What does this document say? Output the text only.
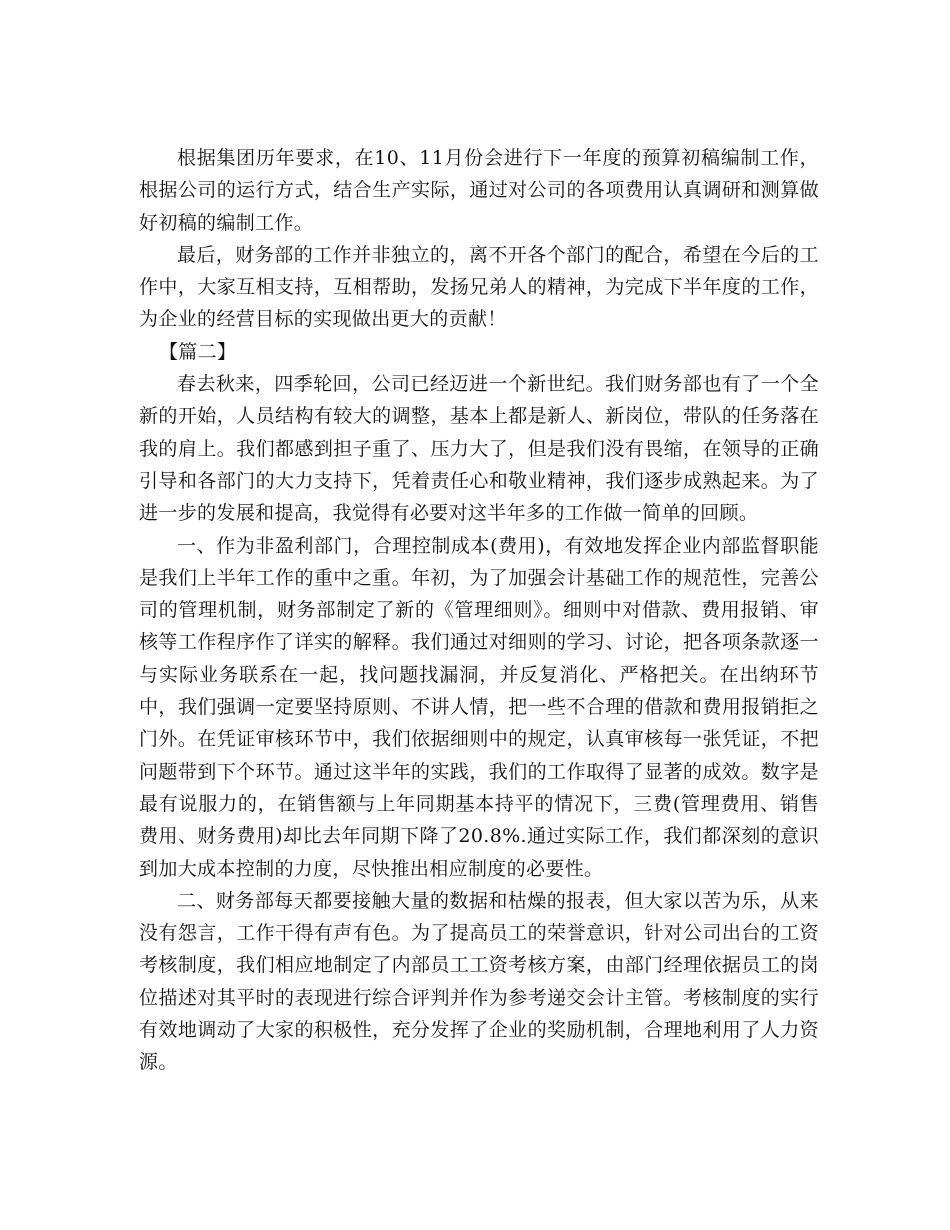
根据集团历年要求，在10、11月份会进行下一年度的预算初稿编制工作，根据公司的运行方式，结合生产实际，通过对公司的各项费用认真调研和测算做好初稿的编制工作。

最后，财务部的工作并非独立的，离不开各个部门的配合，希望在今后的工作中，大家互相支持，互相帮助，发扬兄弟人的精神，为完成下半年度的工作，为企业的经营目标的实现做出更大的贡献！

【篇二】

春去秋来，四季轮回，公司已经迈进一个新世纪。我们财务部也有了一个全新的开始，人员结构有较大的调整，基本上都是新人、新岗位，带队的任务落在我的肩上。我们都感到担子重了、压力大了，但是我们没有畏缩，在领导的正确引导和各部门的大力支持下，凭着责任心和敬业精神，我们逐步成熟起来。为了进一步的发展和提高，我觉得有必要对这半年多的工作做一简单的回顾。

一、作为非盈利部门，合理控制成本(费用)，有效地发挥企业内部监督职能是我们上半年工作的重中之重。年初，为了加强会计基础工作的规范性，完善公司的管理机制，财务部制定了新的《管理细则》。细则中对借款、费用报销、审核等工作程序作了详实的解释。我们通过对细则的学习、讨论，把各项条款逐一与实际业务联系在一起，找问题找漏洞，并反复消化、严格把关。在出纳环节中，我们强调一定要坚持原则、不讲人情，把一些不合理的借款和费用报销拒之门外。在凭证审核环节中，我们依据细则中的规定，认真审核每一张凭证，不把问题带到下个环节。通过这半年的实践，我们的工作取得了显著的成效。数字是最有说服力的，在销售额与上年同期基本持平的情况下，三费(管理费用、销售费用、财务费用)却比去年同期下降了20.8%.通过实际工作，我们都深刻的意识到加大成本控制的力度，尽快推出相应制度的必要性。

二、财务部每天都要接触大量的数据和枯燥的报表，但大家以苦为乐，从来没有怨言，工作干得有声有色。为了提高员工的荣誉意识，针对公司出台的工资考核制度，我们相应地制定了内部员工工资考核方案，由部门经理依据员工的岗位描述对其平时的表现进行综合评判并作为参考递交会计主管。考核制度的实行有效地调动了大家的积极性，充分发挥了企业的奖励机制，合理地利用了人力资源。
